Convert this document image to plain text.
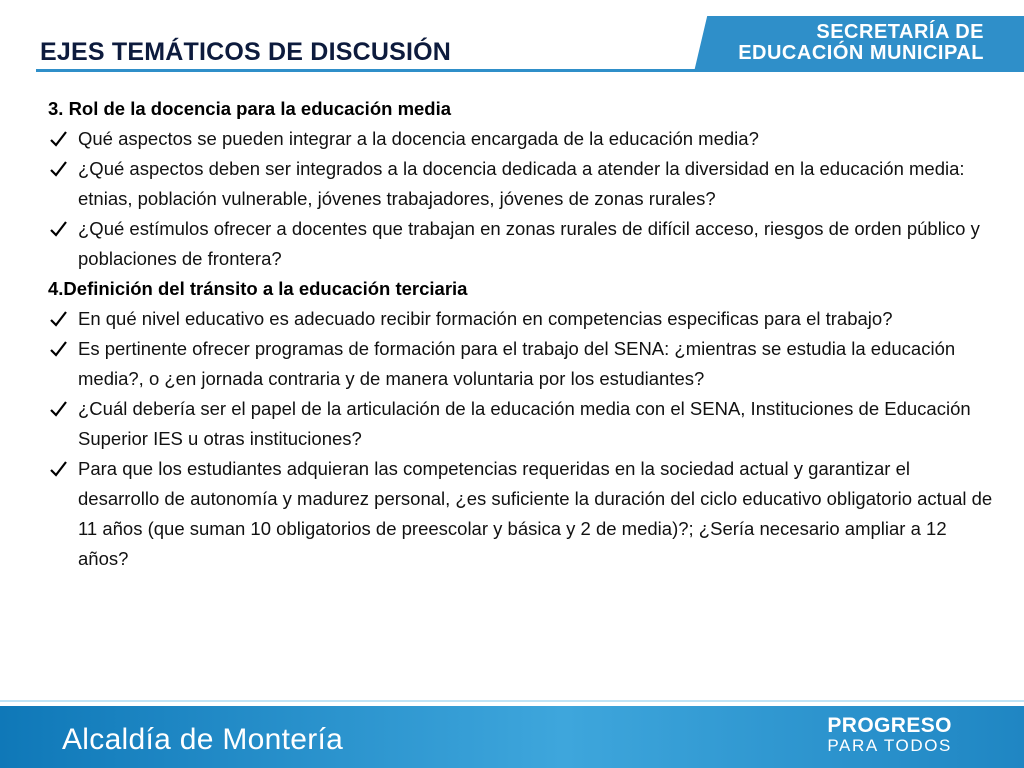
EJES TEMÁTICOS DE DISCUSIÓN
SECRETARÍA DE
EDUCACIÓN MUNICIPAL
3. Rol de la docencia para la educación media
Qué aspectos se pueden integrar a la docencia encargada de la educación media?
¿Qué aspectos deben ser integrados a la docencia dedicada a atender la diversidad en la educación media: etnias, población vulnerable, jóvenes trabajadores, jóvenes de zonas rurales?
¿Qué estímulos ofrecer a docentes que trabajan en zonas rurales de difícil acceso, riesgos de orden público y poblaciones de frontera?
4.Definición del tránsito a la educación terciaria
En qué nivel educativo es adecuado recibir formación en competencias especificas para el trabajo?
Es pertinente ofrecer programas de formación para el trabajo del SENA: ¿mientras se estudia la educación media?, o ¿en jornada contraria y de manera voluntaria por los estudiantes?
¿Cuál debería ser el papel de la articulación de la educación media con el SENA, Instituciones de Educación Superior IES u otras instituciones?
Para que los estudiantes adquieran las competencias requeridas en la sociedad actual y garantizar el desarrollo de autonomía y madurez personal, ¿es suficiente la duración del ciclo educativo obligatorio actual de 11 años (que suman 10 obligatorios de preescolar y básica y 2 de media)?; ¿Sería necesario ampliar a 12 años?
Alcaldía de Montería	PROGRESO
PARA TODOS
